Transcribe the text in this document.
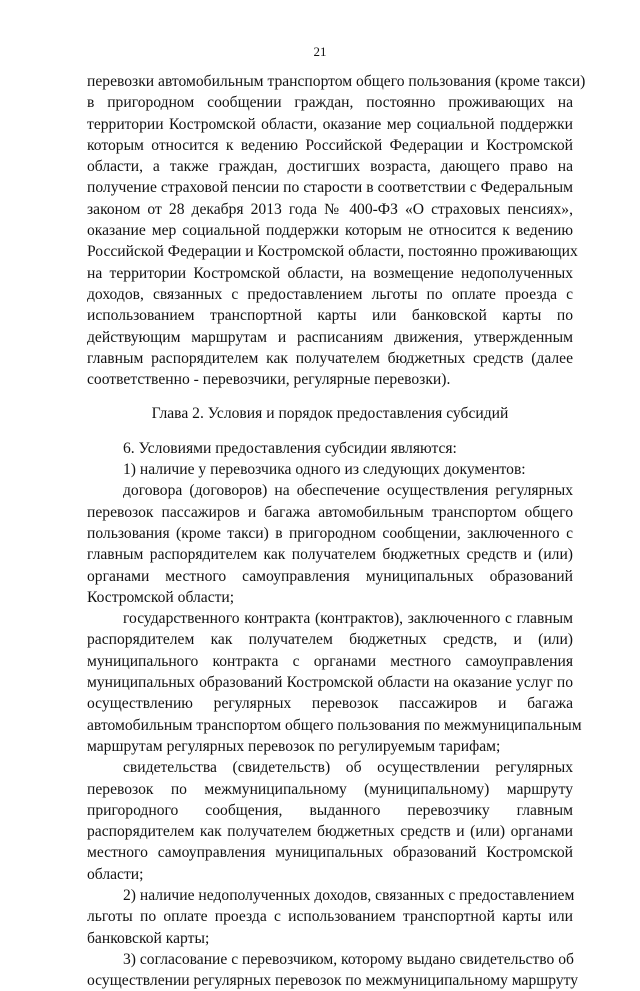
21
перевозки автомобильным транспортом общего пользования (кроме такси)
в пригородном сообщении граждан, постоянно проживающих на
территории Костромской области, оказание мер социальной поддержки
которым относится к ведению Российской Федерации и Костромской
области, а также граждан, достигших возраста, дающего право на
получение страховой пенсии по старости в соответствии с Федеральным
законом от 28 декабря 2013 года № 400-ФЗ «О страховых пенсиях»,
оказание мер социальной поддержки которым не относится к ведению
Российской Федерации и Костромской области, постоянно проживающих
на территории Костромской области, на возмещение недополученных
доходов, связанных с предоставлением льготы по оплате проезда с
использованием транспортной карты или банковской карты по
действующим маршрутам и расписаниям движения, утвержденным
главным распорядителем как получателем бюджетных средств (далее
соответственно - перевозчики, регулярные перевозки).
Глава 2. Условия и порядок предоставления субсидий
6. Условиями предоставления субсидии являются:
1) наличие у перевозчика одного из следующих документов:
договора (договоров) на обеспечение осуществления регулярных
перевозок пассажиров и багажа автомобильным транспортом общего
пользования (кроме такси) в пригородном сообщении, заключенного с
главным распорядителем как получателем бюджетных средств и (или)
органами местного самоуправления муниципальных образований
Костромской области;
государственного контракта (контрактов), заключенного с главным
распорядителем как получателем бюджетных средств, и (или)
муниципального контракта с органами местного самоуправления
муниципальных образований Костромской области на оказание услуг по
осуществлению регулярных перевозок пассажиров и багажа
автомобильным транспортом общего пользования по межмуниципальным
маршрутам регулярных перевозок по регулируемым тарифам;
свидетельства (свидетельств) об осуществлении регулярных
перевозок по межмуниципальному (муниципальному) маршруту
пригородного сообщения, выданного перевозчику главным
распорядителем как получателем бюджетных средств и (или) органами
местного самоуправления муниципальных образований Костромской
области;
2) наличие недополученных доходов, связанных с предоставлением
льготы по оплате проезда с использованием транспортной карты или
банковской карты;
3) согласование с перевозчиком, которому выдано свидетельство об
осуществлении регулярных перевозок по межмуниципальному маршруту
